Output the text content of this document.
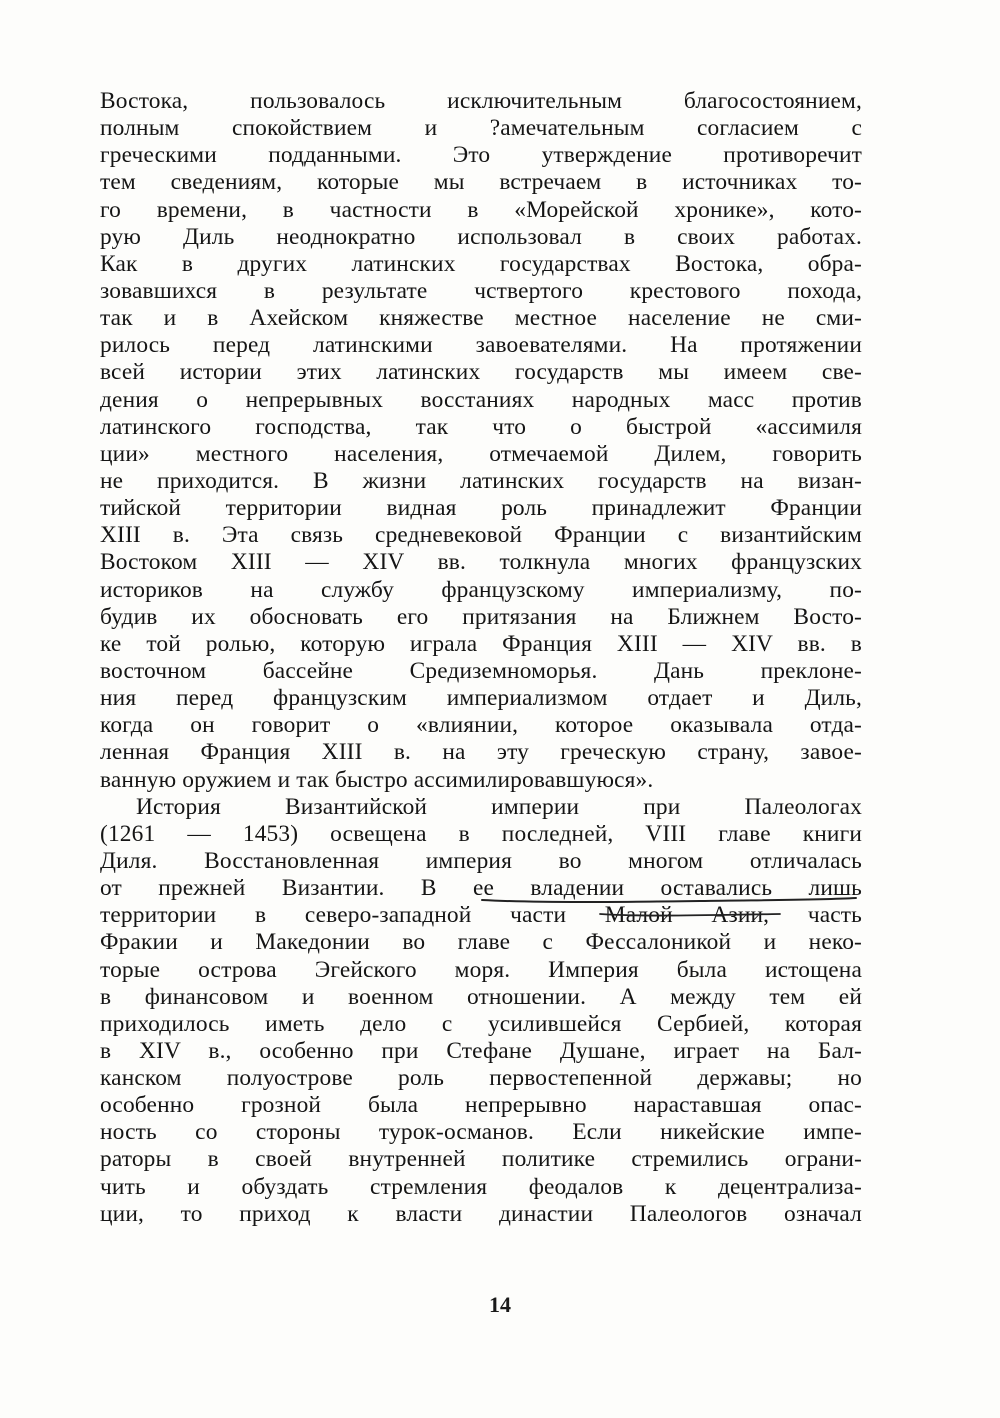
Востока, пользовалось исключительным благосостоянием,
полным спокойствием и ?амечательным согласием с
греческими подданными. Это утверждение противоречит
тем сведениям, которые мы встречаем в источниках то-
го времени, в частности в «Морейской хронике», кото-
рую Диль неоднократно использовал в своих работах.
Как в других латинских государствах Востока, обра-
зовавшихся в результате чствертого крестового похода,
так и в Ахейском княжестве местное население не сми-
рилось перед латинскими завоевателями. На протяжении
всей истории этих латинских государств мы имеем све-
дения о непрерывных восстаниях народных масс против
латинского господства, так что о быстрой «ассимиля
ции» местного населения, отмечаемой Дилем, говорить
не приходится. В жизни латинских государств на визан-
тийской территории видная роль принадлежит Франции
XIII в. Эта связь средневековой Франции с византийским
Востоком XIII — XIV вв. толкнула многих французских
историков на службу французскому империализму, по-
будив их обосновать его притязания на Ближнем Восто-
ке той ролью, которую играла Франция XIII — XIV вв. в
восточном бассейне Средиземноморья. Дань преклоне-
ния перед французским империализмом отдает и Диль,
когда он говорит о «влиянии, которое оказывала отда-
ленная Франция XIII в. на эту греческую страну, завое-
ванную оружием и так быстро ассимилировавшуюся».
История Византийской империи при Палеологах
(1261 — 1453) освещена в последней, VIII главе книги
Диля. Восстановленная империя во многом отличалась
от прежней Византии. В ее владении оставались лишь
территории в северо-западной части Малой Азии, часть
Фракии и Македонии во главе с Фессалоникой и неко-
торые острова Эгейского моря. Империя была истощена
в финансовом и военном отношении. А между тем ей
приходилось иметь дело с усилившейся Сербией, которая
в XIV в., особенно при Стефане Душане, играет на Бал-
канском полуострове роль первостепенной державы; но
особенно грозной была непрерывно нараставшая опас-
ность со стороны турок-османов. Если никейские импе-
раторы в своей внутренней политике стремились ограни-
чить и обуздать стремления феодалов к децентрализа-
ции, то приход к власти династии Палеологов означал
14
